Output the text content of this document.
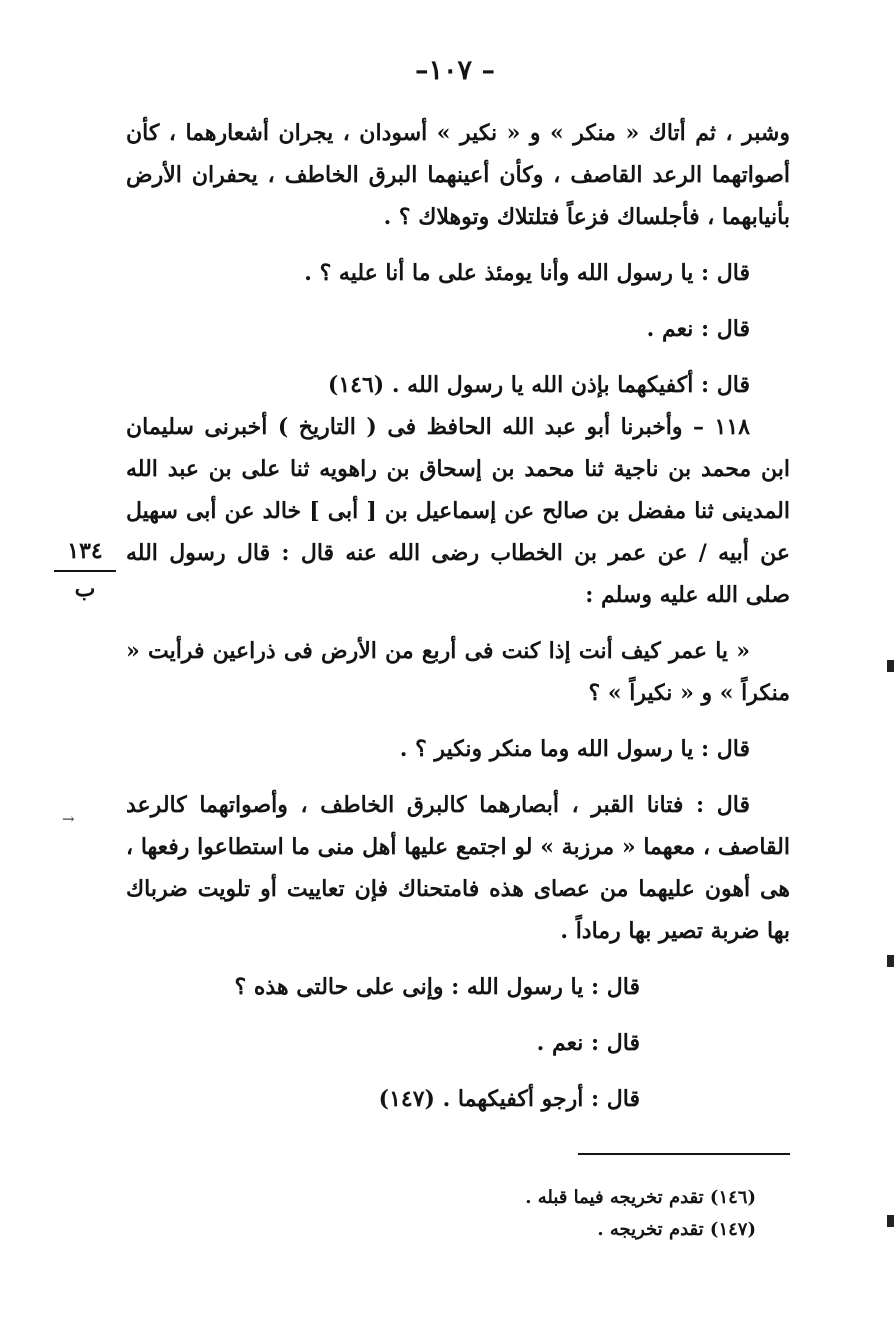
–١٠٧ –

وشبر ، ثم أتاك « منكر » و « نكير » أسودان ، يجران أشعارهما ، كأن أصواتهما الرعد القاصف ، وكأن أعينهما البرق الخاطف ، يحفران الأرض بأنيابهما ، فأجلساك فزعاً فتلتلاك وتوهلاك ؟ .

قال : يا رسول الله وأنا يومئذ على ما أنا عليه ؟ .

قال : نعم .

قال : أكفيكهما بإذن الله يا رسول الله . (١٤٦)

١١٨ – وأخبرنا أبو عبد الله الحافظ فى ( التاريخ ) أخبرنى سليمان ابن محمد بن ناجية ثنا محمد بن إسحاق بن راهويه ثنا على بن عبد الله المدينى ثنا مفضل بن صالح عن إسماعيل بن [ أبى ] خالد عن أبى سهيل عن أبيه / عن عمر بن الخطاب رضى الله عنه قال : قال رسول الله صلى الله عليه وسلم :

« يا عمر كيف أنت إذا كنت فى أربع من الأرض فى ذراعين فرأيت « منكراً » و « نكيراً » ؟

قال : يا رسول الله وما منكر ونكير ؟ .

قال : فتانا القبر ، أبصارهما كالبرق الخاطف ، وأصواتهما كالرعد القاصف ، معهما « مرزبة » لو اجتمع عليها أهل منى ما استطاعوا رفعها ، هى أهون عليهما من عصاى هذه فامتحناك فإن تعاييت أو تلويت ضرباك بها ضربة تصير بها رماداً .

قال : يا رسول الله : وإنى على حالتى هذه ؟

قال : نعم .

قال : أرجو أكفيكهما . (١٤٧)

١٣٤
ب
→

(١٤٦) تقدم تخريجه فيما قبله .

(١٤٧) تقدم تخريجه .
